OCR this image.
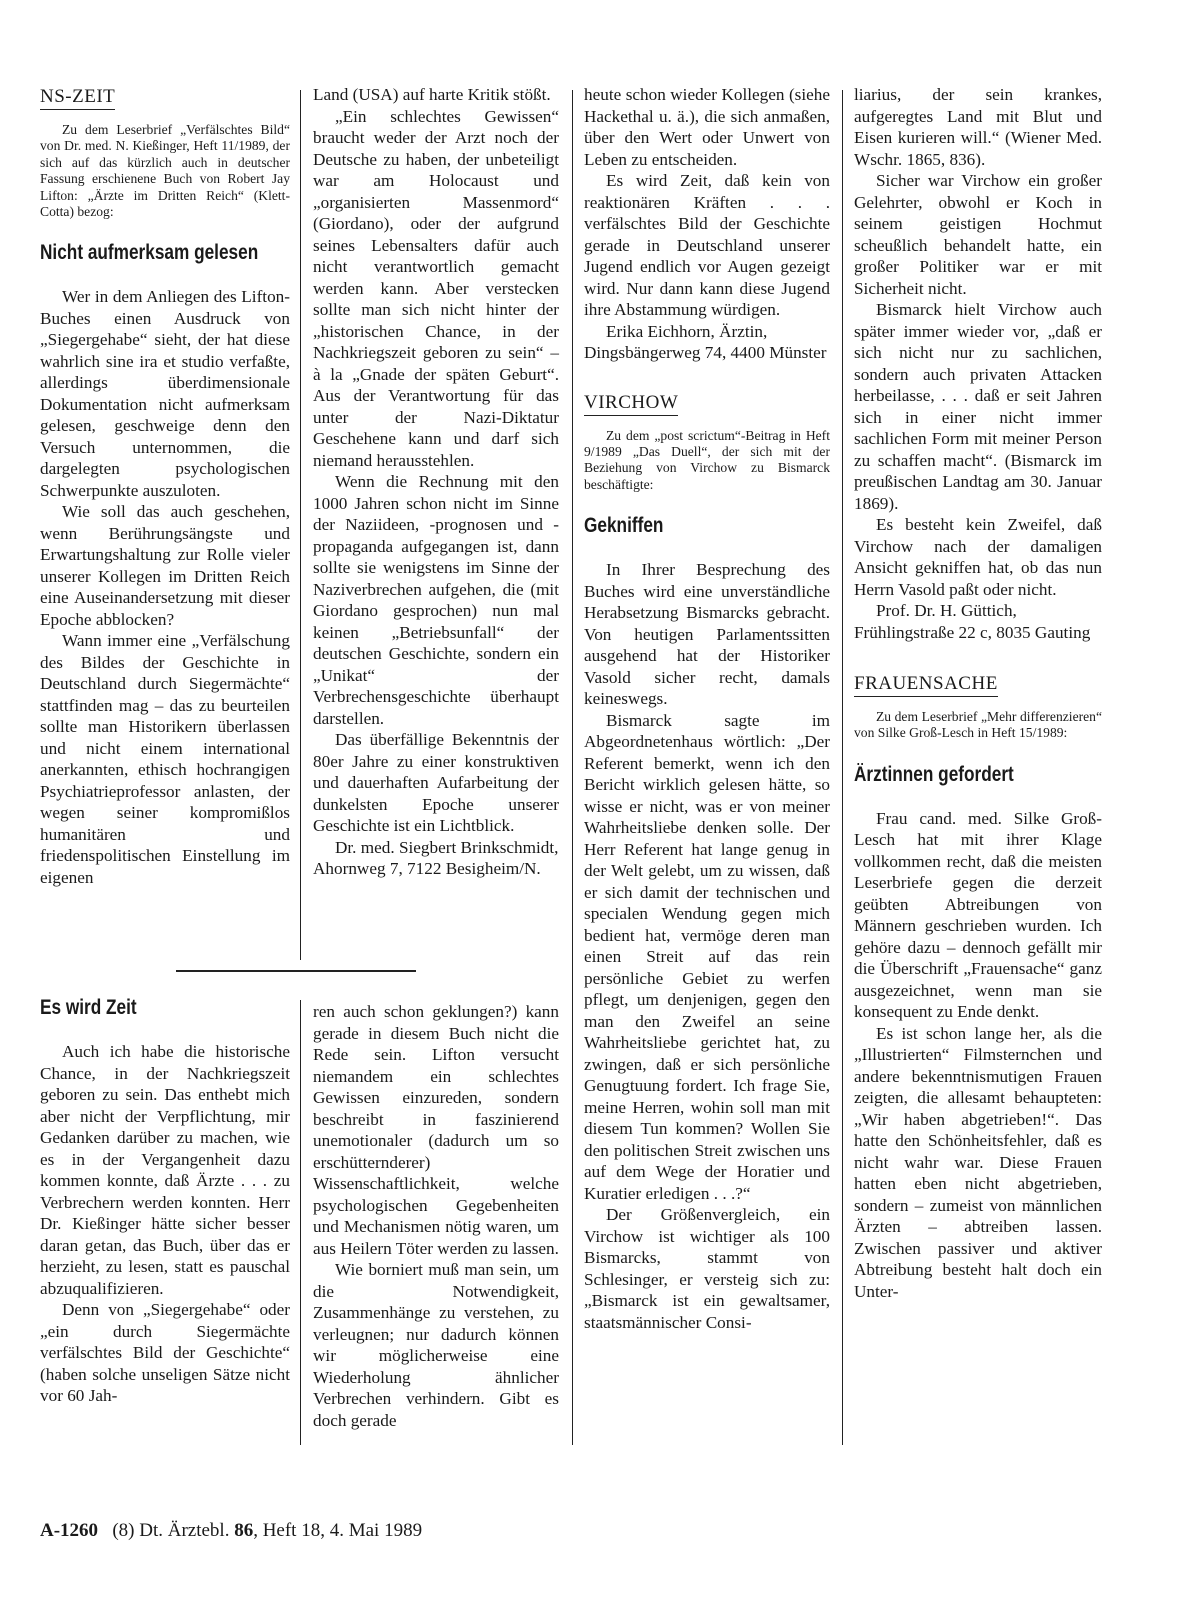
NS-ZEIT

Zu dem Leserbrief „Verfälschtes Bild“ von Dr. med. N. Kießinger, Heft 11/1989, der sich auf das kürzlich auch in deutscher Fassung erschienene Buch von Robert Jay Lifton: „Ärzte im Dritten Reich“ (Klett-Cotta) bezog:

Nicht aufmerksam gelesen

Wer in dem Anliegen des Lifton-Buches einen Ausdruck von „Siegergehabe“ sieht, der hat diese wahrlich sine ira et studio verfaßte, allerdings überdimensionale Dokumentation nicht aufmerksam gelesen, geschweige denn den Versuch unternommen, die dargelegten psychologischen Schwerpunkte auszuloten.

Wie soll das auch geschehen, wenn Berührungsängste und Erwartungshaltung zur Rolle vieler unserer Kollegen im Dritten Reich eine Auseinandersetzung mit dieser Epoche abblocken?

Wann immer eine „Verfälschung des Bildes der Geschichte in Deutschland durch Siegermächte“ stattfinden mag – das zu beurteilen sollte man Historikern überlassen und nicht einem international anerkannten, ethisch hochrangigen Psychiatrieprofessor anlasten, der wegen seiner kompromißlos humanitären und friedenspolitischen Einstellung im eigenen

Land (USA) auf harte Kritik stößt.

„Ein schlechtes Gewissen“ braucht weder der Arzt noch der Deutsche zu haben, der unbeteiligt war am Holocaust und „organisierten Massenmord“ (Giordano), oder der aufgrund seines Lebensalters dafür auch nicht verantwortlich gemacht werden kann. Aber verstecken sollte man sich nicht hinter der „historischen Chance, in der Nachkriegszeit geboren zu sein“ – à la „Gnade der späten Geburt“. Aus der Verantwortung für das unter der Nazi-Diktatur Geschehene kann und darf sich niemand herausstehlen.

Wenn die Rechnung mit den 1000 Jahren schon nicht im Sinne der Naziideen, -prognosen und -propaganda aufgegangen ist, dann sollte sie wenigstens im Sinne der Naziverbrechen aufgehen, die (mit Giordano gesprochen) nun mal keinen „Betriebsunfall“ der deutschen Geschichte, sondern ein „Unikat“ der Verbrechensgeschichte überhaupt darstellen.

Das überfällige Bekenntnis der 80er Jahre zu einer konstruktiven und dauerhaften Aufarbeitung der dunkelsten Epoche unserer Geschichte ist ein Lichtblick.

Dr. med. Siegbert Brinkschmidt, Ahornweg 7, 7122 Besigheim/N.

Es wird Zeit

Auch ich habe die historische Chance, in der Nachkriegszeit geboren zu sein. Das enthebt mich aber nicht der Verpflichtung, mir Gedanken darüber zu machen, wie es in der Vergangenheit dazu kommen konnte, daß Ärzte . . . zu Verbrechern werden konnten. Herr Dr. Kießinger hätte sicher besser daran getan, das Buch, über das er herzieht, zu lesen, statt es pauschal abzuqualifizieren.

Denn von „Siegergehabe“ oder „ein durch Siegermächte verfälschtes Bild der Geschichte“ (haben solche unseligen Sätze nicht vor 60 Jah-

ren auch schon geklungen?) kann gerade in diesem Buch nicht die Rede sein. Lifton versucht niemandem ein schlechtes Gewissen einzureden, sondern beschreibt in faszinierend unemotionaler (dadurch um so erschütternderer) Wissenschaftlichkeit, welche psychologischen Gegebenheiten und Mechanismen nötig waren, um aus Heilern Töter werden zu lassen.

Wie borniert muß man sein, um die Notwendigkeit, Zusammenhänge zu verstehen, zu verleugnen; nur dadurch können wir möglicherweise eine Wiederholung ähnlicher Verbrechen verhindern. Gibt es doch gerade

heute schon wieder Kollegen (siehe Hackethal u. ä.), die sich anmaßen, über den Wert oder Unwert von Leben zu entscheiden.

Es wird Zeit, daß kein von reaktionären Kräften . . . verfälschtes Bild der Geschichte gerade in Deutschland unserer Jugend endlich vor Augen gezeigt wird. Nur dann kann diese Jugend ihre Abstammung würdigen.

Erika Eichhorn, Ärztin, Dingsbängerweg 74, 4400 Münster

VIRCHOW

Zu dem „post scrictum“-Beitrag in Heft 9/1989 „Das Duell“, der sich mit der Beziehung von Virchow zu Bismarck beschäftigte:

Gekniffen

In Ihrer Besprechung des Buches wird eine unverständliche Herabsetzung Bismarcks gebracht. Von heutigen Parlamentssitten ausgehend hat der Historiker Vasold sicher recht, damals keineswegs.

Bismarck sagte im Abgeordnetenhaus wörtlich: „Der Referent bemerkt, wenn ich den Bericht wirklich gelesen hätte, so wisse er nicht, was er von meiner Wahrheitsliebe denken solle. Der Herr Referent hat lange genug in der Welt gelebt, um zu wissen, daß er sich damit der technischen und specialen Wendung gegen mich bedient hat, vermöge deren man einen Streit auf das rein persönliche Gebiet zu werfen pflegt, um denjenigen, gegen den man den Zweifel an seine Wahrheitsliebe gerichtet hat, zu zwingen, daß er sich persönliche Genugtuung fordert. Ich frage Sie, meine Herren, wohin soll man mit diesem Tun kommen? Wollen Sie den politischen Streit zwischen uns auf dem Wege der Horatier und Kuratier erledigen . . .?“

Der Größenvergleich, ein Virchow ist wichtiger als 100 Bismarcks, stammt von Schlesinger, er versteig sich zu: „Bismarck ist ein gewaltsamer, staatsmännischer Consi-

liarius, der sein krankes, aufgeregtes Land mit Blut und Eisen kurieren will.“ (Wiener Med. Wschr. 1865, 836).

Sicher war Virchow ein großer Gelehrter, obwohl er Koch in seinem geistigen Hochmut scheußlich behandelt hatte, ein großer Politiker war er mit Sicherheit nicht.

Bismarck hielt Virchow auch später immer wieder vor, „daß er sich nicht nur zu sachlichen, sondern auch privaten Attacken herbeilasse, . . . daß er seit Jahren sich in einer nicht immer sachlichen Form mit meiner Person zu schaffen macht“. (Bismarck im preußischen Landtag am 30. Januar 1869).

Es besteht kein Zweifel, daß Virchow nach der damaligen Ansicht gekniffen hat, ob das nun Herrn Vasold paßt oder nicht.

Prof. Dr. H. Güttich, Frühlingstraße 22 c, 8035 Gauting

FRAUENSACHE

Zu dem Leserbrief „Mehr differenzieren“ von Silke Groß-Lesch in Heft 15/1989:

Ärztinnen gefordert

Frau cand. med. Silke Groß-Lesch hat mit ihrer Klage vollkommen recht, daß die meisten Leserbriefe gegen die derzeit geübten Abtreibungen von Männern geschrieben wurden. Ich gehöre dazu – dennoch gefällt mir die Überschrift „Frauensache“ ganz ausgezeichnet, wenn man sie konsequent zu Ende denkt.

Es ist schon lange her, als die „Illustrierten“ Filmsternchen und andere bekenntnismutigen Frauen zeigten, die allesamt behaupteten: „Wir haben abgetrieben!“. Das hatte den Schönheitsfehler, daß es nicht wahr war. Diese Frauen hatten eben nicht abgetrieben, sondern – zumeist von männlichen Ärzten – abtreiben lassen. Zwischen passiver und aktiver Abtreibung besteht halt doch ein Unter-

A-1260 (8) Dt. Ärztebl. 86, Heft 18, 4. Mai 1989
